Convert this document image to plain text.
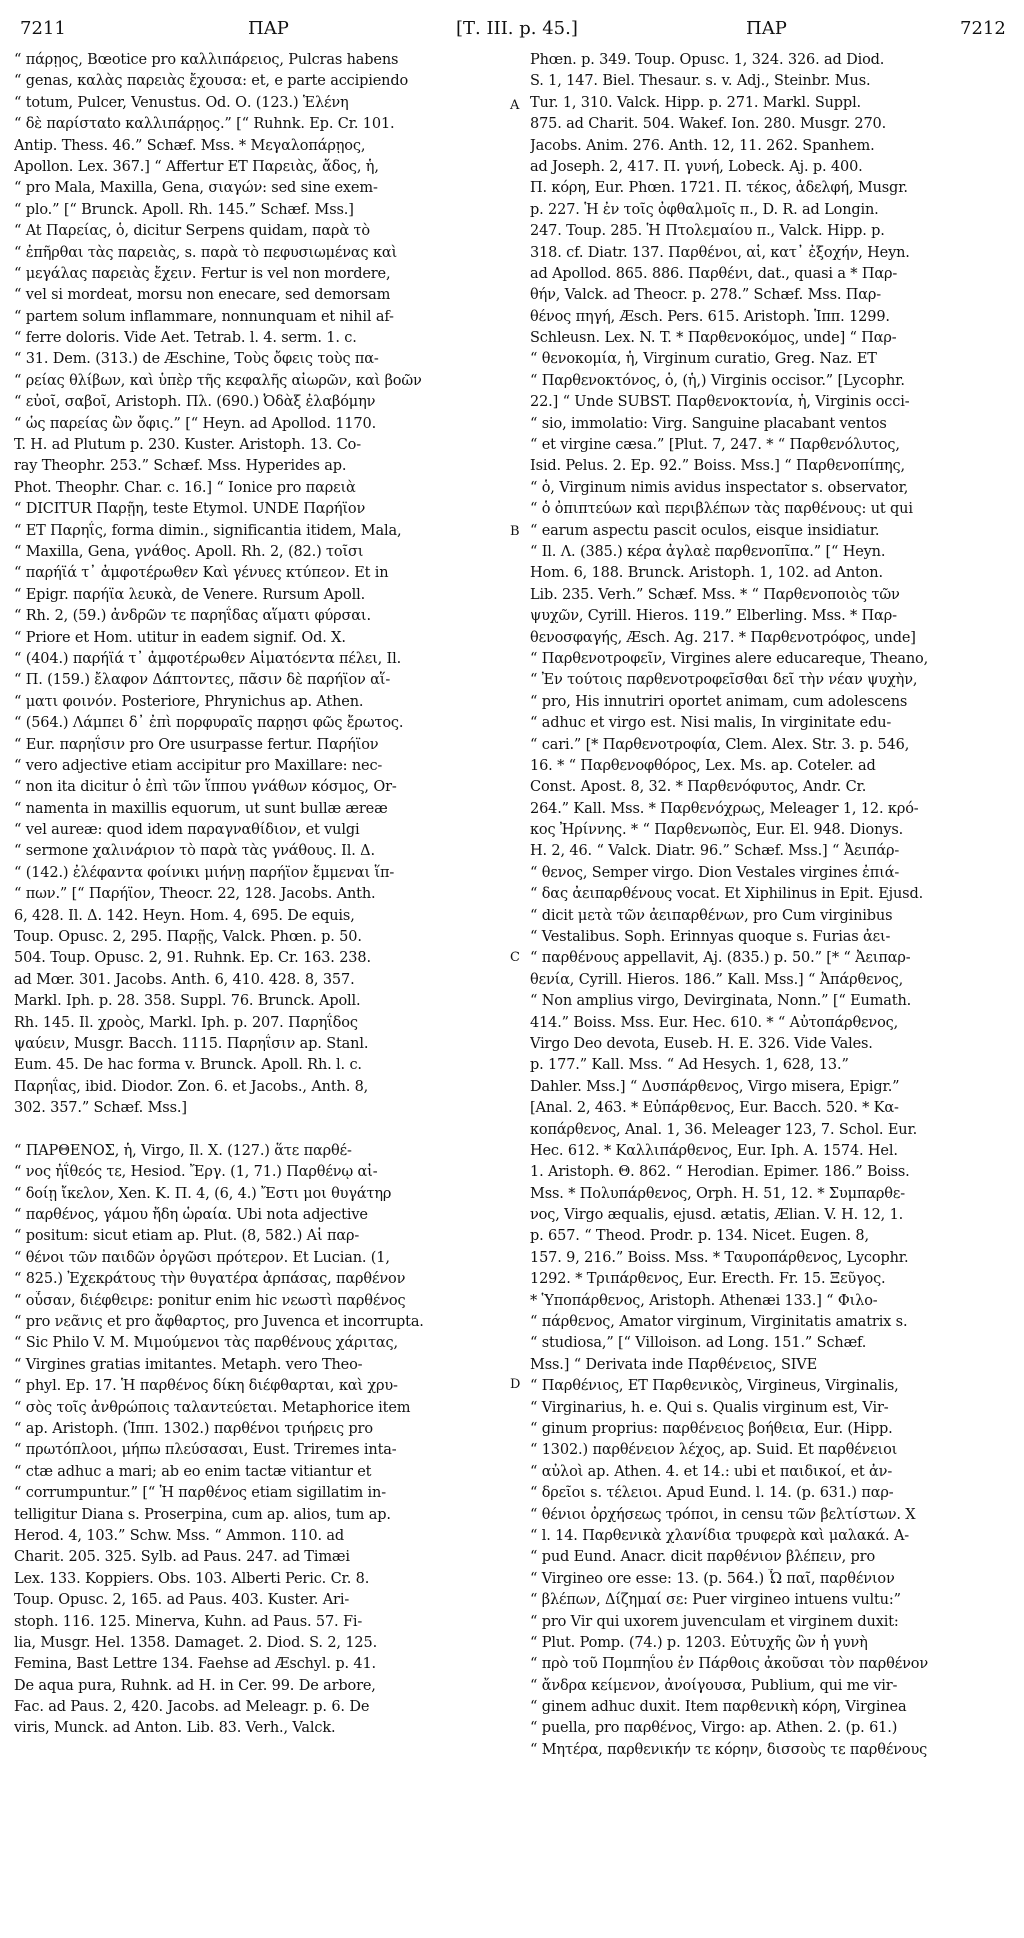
7211	ΠΑΡ	[Τ. ΙΙΙ. p. 45.]	ΠΑΡ	7212
A
B
C
D
“ πάρῃος, Bœotice pro καλλιπάρειος, Pulcras habens
“ genas, καλὰς παρειὰς ἔχουσα: et, e parte accipiendo
“ totum, Pulcer, Venustus. Od. Ο. (123.) Ἑλένη
“ δὲ παρίσταto καλλιπάρῃος.” [“ Ruhnk. Ep. Cr. 101.
Antip. Thess. 46.” Schæf. Mss. * Μεγαλοπάρῃος,
Apollon. Lex. 367.] “ Affertur ET Παρειὰς, ἄδος, ἡ,
“ pro Mala, Maxilla, Gena, σιαγών: sed sine exem-
“ plo.” [“ Brunck. Apoll. Rh. 145.” Schæf. Mss.]
“ At Παρείας, ὁ, dicitur Serpens quidam, παρὰ τὸ
“ ἐπῆρθαι τὰς παρειὰς, s. παρὰ τὸ πεφυσιωμένας καὶ
“ μεγάλας παρειὰς ἔχειν. Fertur is vel non mordere,
“ vel si mordeat, morsu non enecare, sed demorsam
“ partem solum inflammare, nonnunquam et nihil af-
“ ferre doloris. Vide Aet. Tetrab. l. 4. serm. 1. c.
“ 31. Dem. (313.) de Æschine, Τοὺς ὄφεις τοὺς πα-
“ ρείας θλίβων, καὶ ὑπὲρ τῆς κεφαλῆς αἰωρῶν, καὶ βοῶν
“ εὐοῖ, σαβοῖ, Aristoph. Πλ. (690.) Ὀδὰξ ἐλαβόμην
“ ὡς παρείας ὢν ὄφις.” [“ Heyn. ad Apollod. 1170.
T. H. ad Plutum p. 230. Kuster. Aristoph. 13. Co-
ray Theophr. 253.” Schæf. Mss. Hyperides ap.
Phot. Theophr. Char. c. 16.] “ Ionice pro παρειὰ
“ DICITUR Παρῇη, teste Etymol. UNDE Παρήϊον
“ ET Παρηΐς, forma dimin., significantia itidem, Mala,
“ Maxilla, Gena, γνάθος. Apoll. Rh. 2, (82.) τοῖσι
“ παρήϊά τ᾽ ἀμφοτέρωθεν Καὶ γένυες κτύπεον. Et in
“ Epigr. παρήϊα λευκὰ, de Venere. Rursum Apoll.
“ Rh. 2, (59.) ἀνδρῶν τε παρηΐδας αἵματι φύρσαι.
“ Priore et Hom. utitur in eadem signif. Od. X.
“ (404.) παρήϊά τ᾽ ἀμφοτέρωθεν Αἱματόεντα πέλει, Il.
“ Π. (159.) ἔλαφον Δάπτοντες, πᾶσιν δὲ παρήϊον αἵ-
“ ματι φοινόν. Posteriore, Phrynichus ap. Athen.
“ (564.) Λάμπει δ᾽ ἐπὶ πορφυραῖς παρῃσι φῶς ἔρωτος.
“ Eur. παρηΐσιν pro Ore usurpasse fertur. Παρήϊον
“ vero adjective etiam accipitur pro Maxillare: nec-
“ non ita dicitur ὁ ἐπὶ τῶν ἵππου γνάθων κόσμος, Or-
“ namenta in maxillis equorum, ut sunt bullæ æreæ
“ vel aureæ: quod idem παραγναθίδιον, et vulgi
“ sermone χαλινάριον τὸ παρὰ τὰς γνάθους. Il. Δ.
“ (142.) ἐλέφαντα φοίνικι μιήνῃ παρήϊον ἔμμεναι ἵπ-
“ πων.” [“ Παρήϊον, Theocr. 22, 128. Jacobs. Anth.
6, 428. Il. Δ. 142. Heyn. Hom. 4, 695. De equis,
Toup. Opusc. 2, 295. Παρῇς, Valck. Phœn. p. 50.
504. Toup. Opusc. 2, 91. Ruhnk. Ep. Cr. 163. 238.
ad Mœr. 301. Jacobs. Anth. 6, 410. 428. 8, 357.
Markl. Iph. p. 28. 358. Suppl. 76. Brunck. Apoll.
Rh. 145. Il. χροὸς, Markl. Iph. p. 207. Παρηΐδος
ψαύειν, Musgr. Bacch. 1115. Παρηΐσιν ap. Stanl.
Eum. 45. De hac forma v. Brunck. Apoll. Rh. l. c.
Παρηΐας, ibid. Diodor. Zon. 6. et Jacobs., Anth. 8,
302. 357.” Schæf. Mss.]
“ ΠΑΡΘΕΝΟΣ, ἡ, Virgo, Il. X. (127.) ἅτε παρθέ-
“ νος ἠΐθεός τε, Hesiod. Ἔργ. (1, 71.) Παρθένῳ αἰ-
“ δοίῃ ἴκελον, Xen. K. Π. 4, (6, 4.) Ἔστι μοι θυγάτηρ
“ παρθένος, γάμου ἤδη ὡραία. Ubi nota adjective
“ positum: sicut etiam ap. Plut. (8, 582.) Αἱ παρ-
“ θένοι τῶν παιδῶν ὀργῶσι πρότερον. Et Lucian. (1,
“ 825.) Ἐχεκράτους τὴν θυγατέρα ἁρπάσας, παρθένον
“ οὖσαν, διέφθειρε: ponitur enim hic νεωστὶ παρθένος
“ pro νεᾶνις et pro ἄφθαρτος, pro Juvenca et incorrupta.
“ Sic Philo V. M. Μιμούμενοι τὰς παρθένους χάριτας,
“ Virgines gratias imitantes. Metaph. vero Theo-
“ phyl. Ep. 17. Ἡ παρθένος δίκη διέφθαρται, καὶ χρυ-
“ σὸς τοῖς ἀνθρώποις ταλαντεύεται. Metaphorice item
“ ap. Aristoph. (Ἱππ. 1302.) παρθένοι τριήρεις pro
“ πρωτόπλοοι, μήπω πλεύσασαι, Eust. Triremes inta-
“ ctæ adhuc a mari; ab eo enim tactæ vitiantur et
“ corrumpuntur.” [“ Ἡ παρθένος etiam sigillatim in-
telligitur Diana s. Proserpina, cum ap. alios, tum ap.
Herod. 4, 103.” Schw. Mss. “ Ammon. 110. ad
Charit. 205. 325. Sylb. ad Paus. 247. ad Timæi
Lex. 133. Koppiers. Obs. 103. Alberti Peric. Cr. 8.
Toup. Opusc. 2, 165. ad Paus. 403. Kuster. Ari-
stoph. 116. 125. Minerva, Kuhn. ad Paus. 57. Fi-
lia, Musgr. Hel. 1358. Damaget. 2. Diod. S. 2, 125.
Femina, Bast Lettre 134. Faehse ad Æschyl. p. 41.
De aqua pura, Ruhnk. ad H. in Cer. 99. De arbore,
Fac. ad Paus. 2, 420. Jacobs. ad Meleagr. p. 6. De
viris, Munck. ad Anton. Lib. 83. Verh., Valck.
Phœn. p. 349. Toup. Opusc. 1, 324. 326. ad Diod.
S. 1, 147. Biel. Thesaur. s. v. Adj., Steinbr. Mus.
Tur. 1, 310. Valck. Hipp. p. 271. Markl. Suppl.
875. ad Charit. 504. Wakef. Ion. 280. Musgr. 270.
Jacobs. Anim. 276. Anth. 12, 11. 262. Spanhem.
ad Joseph. 2, 417. Π. γυνή, Lobeck. Aj. p. 400.
Π. κόρη, Eur. Phœn. 1721. Π. τέκος, ἀδελφή, Musgr.
p. 227. Ἡ ἐν τοῖς ὀφθαλμοῖς π., D. R. ad Longin.
247. Toup. 285. Ἡ Πτολεμαίου π., Valck. Hipp. p.
318. cf. Diatr. 137. Παρθένοι, αἱ, κατ᾽ ἐξοχήν, Heyn.
ad Apollod. 865. 886. Παρθένι, dat., quasi a * Παρ-
θήν, Valck. ad Theocr. p. 278.” Schæf. Mss. Παρ-
θένος πηγή, Æsch. Pers. 615. Aristoph. Ἱππ. 1299.
Schleusn. Lex. N. T. * Παρθενοκόμος, unde] “ Παρ-
“ θενοκομία, ἡ, Virginum curatio, Greg. Naz. ET
“ Παρθενοκτόνος, ὁ, (ἡ,) Virginis occisor.” [Lycophr.
22.] “ Unde SUBST. Παρθενοκτονία, ἡ, Virginis occi-
“ sio, immolatio: Virg. Sanguine placabant ventos
“ et virgine cæsa.” [Plut. 7, 247. * “ Παρθενόλυτος,
Isid. Pelus. 2. Ep. 92.” Boiss. Mss.] “ Παρθενοπίπης,
“ ὁ, Virginum nimis avidus inspectator s. observator,
“ ὁ ὀπιπτεύων καὶ περιβλέπων τὰς παρθένους: ut qui
“ earum aspectu pascit oculos, eisque insidiatur.
“ Il. Λ. (385.) κέρα ἀγλαὲ παρθενοπῖπα.” [“ Heyn.
Hom. 6, 188. Brunck. Aristoph. 1, 102. ad Anton.
Lib. 235. Verh.” Schæf. Mss. * “ Παρθενοποιὸς τῶν
ψυχῶν, Cyrill. Hieros. 119.” Elberling. Mss. * Παρ-
θενοσφαγής, Æsch. Ag. 217. * Παρθενοτρόφος, unde]
“ Παρθενοτροφεῖν, Virgines alere educareque, Theano,
“ Ἐν τούτοις παρθενοτροφεῖσθαι δεῖ τὴν νέαν ψυχὴν,
“ pro, His innutriri oportet animam, cum adolescens
“ adhuc et virgo est. Nisi malis, In virginitate edu-
“ cari.” [* Παρθενοτροφία, Clem. Alex. Str. 3. p. 546,
16. * “ Παρθενοφθόρος, Lex. Ms. ap. Coteler. ad
Const. Apost. 8, 32. * Παρθενόφυτος, Andr. Cr.
264.” Kall. Mss. * Παρθενόχρως, Meleager 1, 12. κρό-
κος Ἠρίννης. * “ Παρθενωπὸς, Eur. El. 948. Dionys.
H. 2, 46. “ Valck. Diatr. 96.” Schæf. Mss.] “ Ἀειπάρ-
“ θενος, Semper virgo. Dion Vestales virgines ἐπιά-
“ δας ἀειπαρθένους vocat. Et Xiphilinus in Epit. Ejusd.
“ dicit μετὰ τῶν ἀειπαρθένων, pro Cum virginibus
“ Vestalibus. Soph. Erinnyas quoque s. Furias ἀει-
“ παρθένους appellavit, Aj. (835.) p. 50.” [* “ Ἀειπαρ-
θενία, Cyrill. Hieros. 186.” Kall. Mss.] “ Ἀπάρθενος,
“ Non amplius virgo, Devirginata, Nonn.” [“ Eumath.
414.” Boiss. Mss. Eur. Hec. 610. * “ Αὐτοπάρθενος,
Virgo Deo devota, Euseb. H. E. 326. Vide Vales.
p. 177.” Kall. Mss. “ Ad Hesych. 1, 628, 13.”
Dahler. Mss.] “ Δυσπάρθενος, Virgo misera, Epigr.”
[Anal. 2, 463. * Εὐπάρθενος, Eur. Bacch. 520. * Κα-
κοπάρθενος, Anal. 1, 36. Meleager 123, 7. Schol. Eur.
Hec. 612. * Καλλιπάρθενος, Eur. Iph. A. 1574. Hel.
1. Aristoph. Θ. 862. “ Herodian. Epimer. 186.” Boiss.
Mss. * Πολυπάρθενος, Orph. H. 51, 12. * Συμπαρθε-
νος, Virgo æqualis, ejusd. ætatis, Ælian. V. H. 12, 1.
p. 657. “ Theod. Prodr. p. 134. Nicet. Eugen. 8,
157. 9, 216.” Boiss. Mss. * Ταυροπάρθενος, Lycophr.
1292. * Τριπάρθενος, Eur. Erecth. Fr. 15. Ξεῦγος.
* Ὑποπάρθενος, Aristoph. Athenæi 133.] “ Φιλο-
“ πάρθενος, Amator virginum, Virginitatis amatrix s.
“ studiosa,” [“ Villoison. ad Long. 151.” Schæf.
Mss.] “ Derivata inde Παρθένειος, SIVE
“ Παρθένιος, ET Παρθενικὸς, Virgineus, Virginalis,
“ Virginarius, h. e. Qui s. Qualis virginum est, Vir-
“ ginum proprius: παρθένειος βοήθεια, Eur. (Hipp.
“ 1302.) παρθένειον λέχος, ap. Suid. Et παρθένειοι
“ αὐλοὶ ap. Athen. 4. et 14.: ubi et παιδικοί, et ἀν-
“ δρεῖοι s. τέλειοι. Apud Eund. l. 14. (p. 631.) παρ-
“ θένιοι ὀρχήσεως τρόποι, in censu τῶν βελτίστων. X
“ l. 14. Παρθενικὰ χλανίδια τρυφερὰ καὶ μαλακά. A-
“ pud Eund. Anacr. dicit παρθένιον βλέπειν, pro
“ Virgineo ore esse: 13. (p. 564.) Ὦ παῖ, παρθένιον
“ βλέπων, Δίζημαί σε: Puer virgineo intuens vultu:”
“ pro Vir qui uxorem juvenculam et virginem duxit:
“ Plut. Pomp. (74.) p. 1203. Εὐτυχῆς ὢν ἡ γυνὴ
“ πρὸ τοῦ Πομπηΐου ἐν Πάρθοις ἀκοῦσαι τὸν παρθένον
“ ἄνδρα κείμενον, ἀνοίγουσα, Publium, qui me vir-
“ ginem adhuc duxit. Item παρθενικὴ κόρη, Virginea
“ puella, pro παρθένος, Virgo: ap. Athen. 2. (p. 61.)
“ Μητέρα, παρθενικήν τε κόρην, δισσοὺς τε παρθένους
